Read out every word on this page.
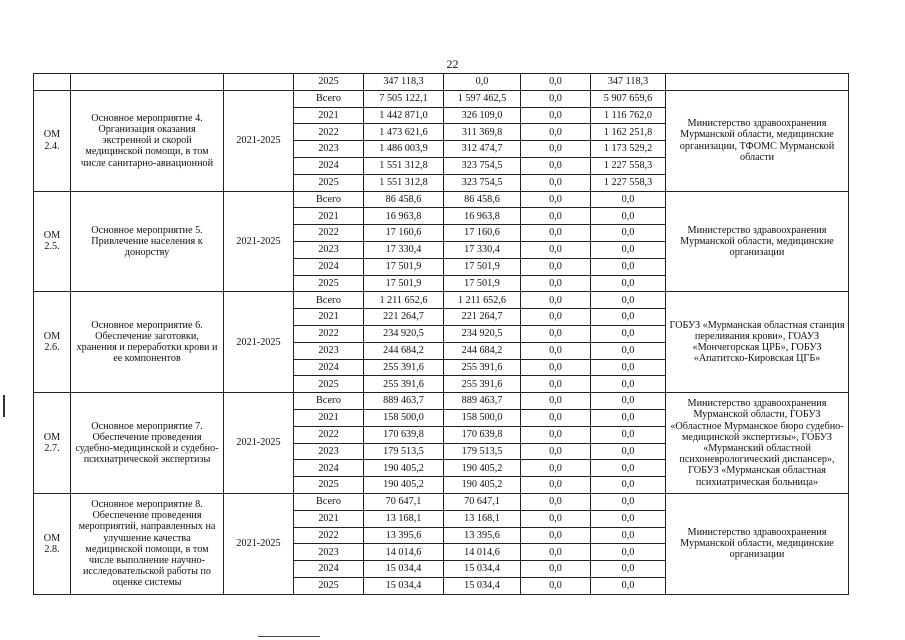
22
			2025	347 118,3	0,0	0,0	347 118,3	
ОМ 2.4.	Основное мероприятие 4. Организация оказания экстренной и скорой медицинской помощи, в том числе санитарно-авиационной	2021-2025	Всего	7 505 122,1	1 597 462,5	0,0	5 907 659,6	Министерство здравоохранения Мурманской области, медицинские организации, ТФОМС Мурманской области
			2021	1 442 871,0	326 109,0	0,0	1 116 762,0	
			2022	1 473 621,6	311 369,8	0,0	1 162 251,8	
			2023	1 486 003,9	312 474,7	0,0	1 173 529,2	
			2024	1 551 312,8	323 754,5	0,0	1 227 558,3	
			2025	1 551 312,8	323 754,5	0,0	1 227 558,3	
ОМ 2.5.	Основное мероприятие 5. Привлечение населения к донорству	2021-2025	Всего	86 458,6	86 458,6	0,0	0,0	Министерство здравоохранения Мурманской области, медицинские организации
			2021	16 963,8	16 963,8	0,0	0,0	
			2022	17 160,6	17 160,6	0,0	0,0	
			2023	17 330,4	17 330,4	0,0	0,0	
			2024	17 501,9	17 501,9	0,0	0,0	
			2025	17 501,9	17 501,9	0,0	0,0	
ОМ 2.6.	Основное мероприятие 6. Обеспечение заготовки, хранения и переработки крови и ее компонентов	2021-2025	Всего	1 211 652,6	1 211 652,6	0,0	0,0	ГОБУЗ «Мурманская областная станция переливания крови», ГОАУЗ «Мончегорская ЦРБ», ГОБУЗ «Апатитско-Кировская ЦГБ»
			2021	221 264,7	221 264,7	0,0	0,0	
			2022	234 920,5	234 920,5	0,0	0,0	
			2023	244 684,2	244 684,2	0,0	0,0	
			2024	255 391,6	255 391,6	0,0	0,0	
			2025	255 391,6	255 391,6	0,0	0,0	
ОМ 2.7.	Основное мероприятие 7. Обеспечение проведения судебно-медицинской и судебно-психиатрической экспертизы	2021-2025	Всего	889 463,7	889 463,7	0,0	0,0	Министерство здравоохранения Мурманской области, ГОБУЗ «Областное Мурманское бюро судебно-медицинской экспертизы», ГОБУЗ «Мурманский областной психоневрологический диспансер», ГОБУЗ «Мурманская областная психиатрическая больница»
			2021	158 500,0	158 500,0	0,0	0,0	
			2022	170 639,8	170 639,8	0,0	0,0	
			2023	179 513,5	179 513,5	0,0	0,0	
			2024	190 405,2	190 405,2	0,0	0,0	
			2025	190 405,2	190 405,2	0,0	0,0	
ОМ 2.8.	Основное мероприятие 8. Обеспечение проведения мероприятий, направленных на улучшение качества медицинской помощи, в том числе выполнение научно-исследовательской работы по оценке системы	2021-2025	Всего	70 647,1	70 647,1	0,0	0,0	Министерство здравоохранения Мурманской области, медицинские организации
			2021	13 168,1	13 168,1	0,0	0,0	
			2022	13 395,6	13 395,6	0,0	0,0	
			2023	14 014,6	14 014,6	0,0	0,0	
			2024	15 034,4	15 034,4	0,0	0,0	
			2025	15 034,4	15 034,4	0,0	0,0	
